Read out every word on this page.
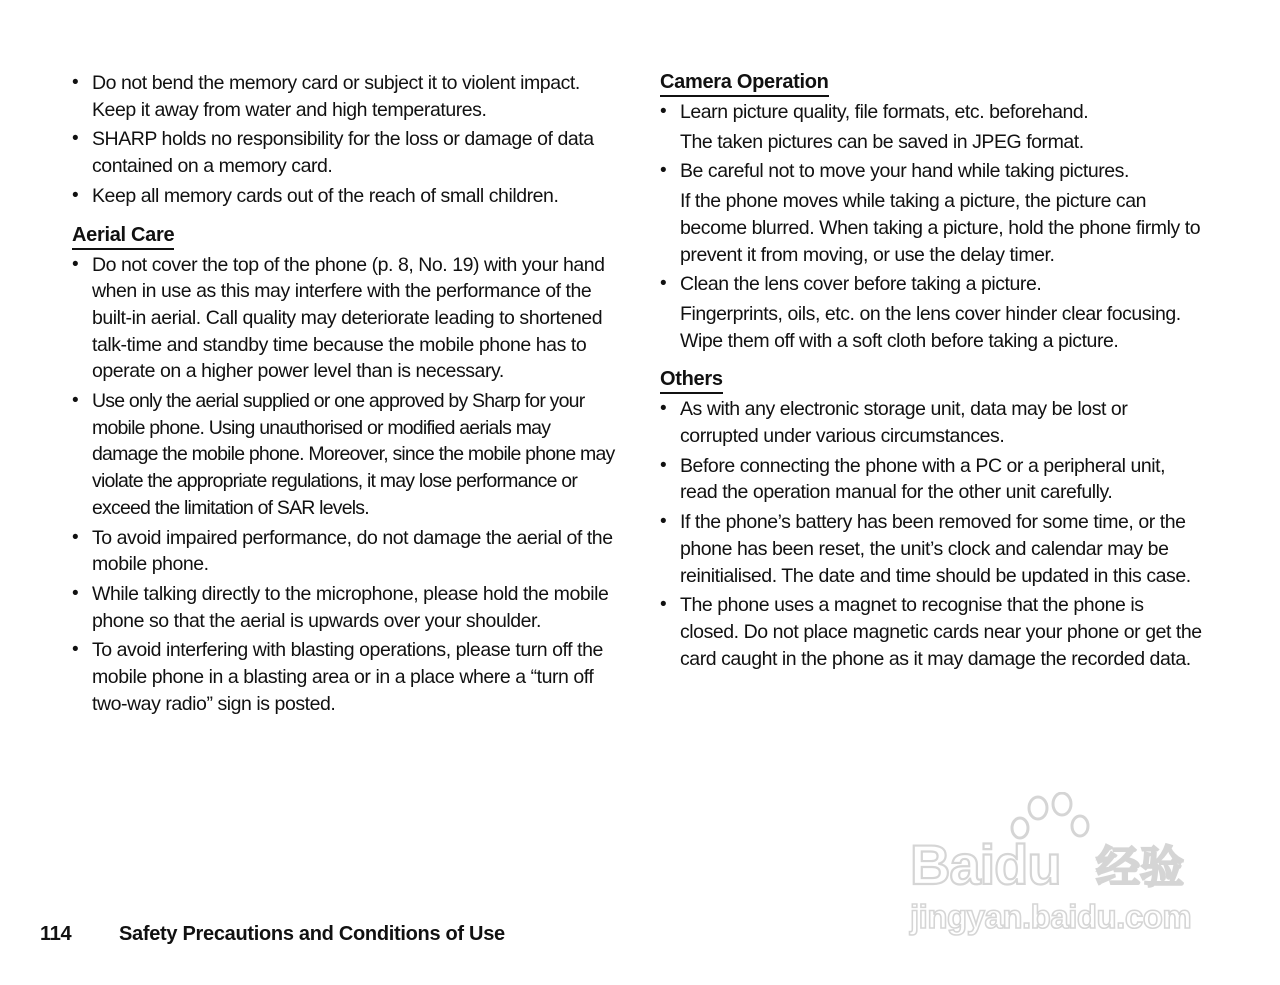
• Do not bend the memory card or subject it to violent impact. Keep it away from water and high temperatures.
• SHARP holds no responsibility for the loss or damage of data contained on a memory card.
• Keep all memory cards out of the reach of small children.
Aerial Care
• Do not cover the top of the phone (p. 8, No. 19) with your hand when in use as this may interfere with the performance of the built-in aerial. Call quality may deteriorate leading to shortened talk-time and standby time because the mobile phone has to operate on a higher power level than is necessary.
• Use only the aerial supplied or one approved by Sharp for your mobile phone. Using unauthorised or modified aerials may damage the mobile phone. Moreover, since the mobile phone may violate the appropriate regulations, it may lose performance or exceed the limitation of SAR levels.
• To avoid impaired performance, do not damage the aerial of the mobile phone.
• While talking directly to the microphone, please hold the mobile phone so that the aerial is upwards over your shoulder.
• To avoid interfering with blasting operations, please turn off the mobile phone in a blasting area or in a place where a “turn off two-way radio” sign is posted.
Camera Operation
• Learn picture quality, file formats, etc. beforehand.
The taken pictures can be saved in JPEG format.
• Be careful not to move your hand while taking pictures.
If the phone moves while taking a picture, the picture can become blurred. When taking a picture, hold the phone firmly to prevent it from moving, or use the delay timer.
• Clean the lens cover before taking a picture.
Fingerprints, oils, etc. on the lens cover hinder clear focusing. Wipe them off with a soft cloth before taking a picture.
Others
• As with any electronic storage unit, data may be lost or corrupted under various circumstances.
• Before connecting the phone with a PC or a peripheral unit, read the operation manual for the other unit carefully.
• If the phone’s battery has been removed for some time, or the phone has been reset, the unit’s clock and calendar may be reinitialised. The date and time should be updated in this case.
• The phone uses a magnet to recognise that the phone is closed. Do not place magnetic cards near your phone or get the card caught in the phone as it may damage the recorded data.
114 Safety Precautions and Conditions of Use
Baidu 经验
jingyan.baidu.com
